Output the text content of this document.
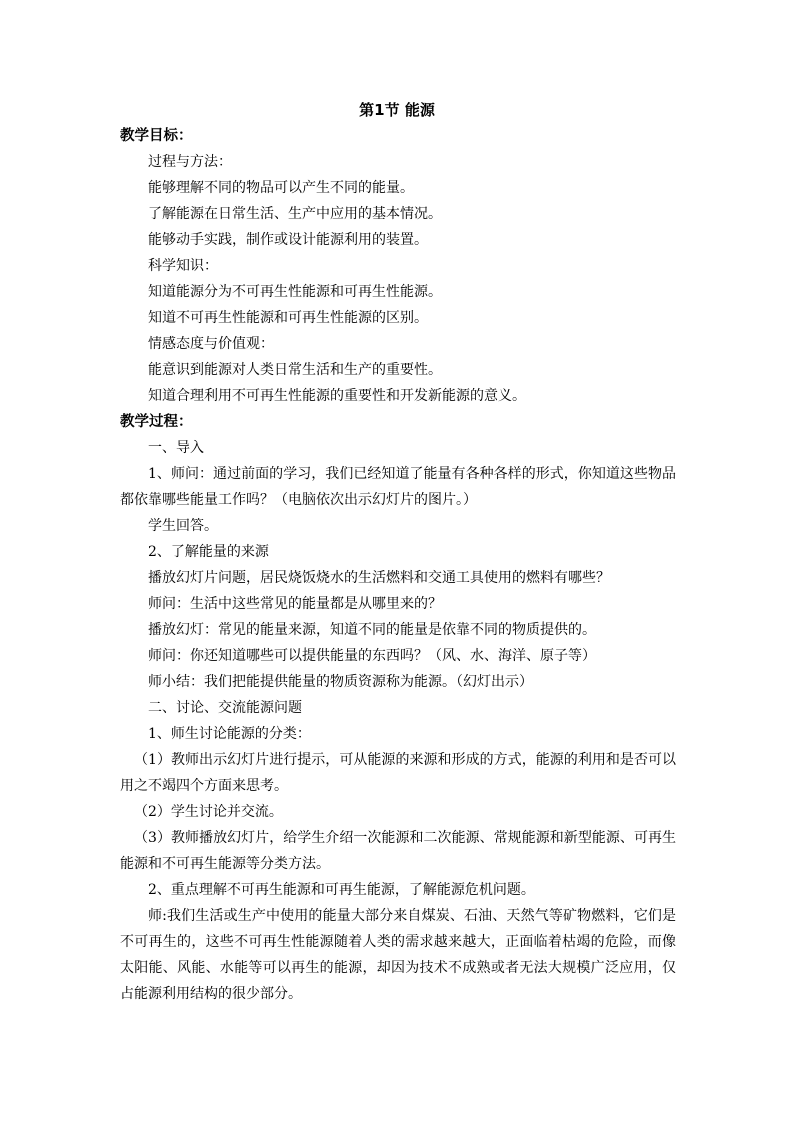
第1节 能源

教学目标：

过程与方法：

能够理解不同的物品可以产生不同的能量。

了解能源在日常生活、生产中应用的基本情况。

能够动手实践，制作或设计能源利用的装置。

科学知识：

知道能源分为不可再生性能源和可再生性能源。

知道不可再生性能源和可再生性能源的区别。

情感态度与价值观：

能意识到能源对人类日常生活和生产的重要性。

知道合理利用不可再生性能源的重要性和开发新能源的意义。

教学过程：

一、导入

1、师问：通过前面的学习，我们已经知道了能量有各种各样的形式，你知道这些物品都依靠哪些能量工作吗？（电脑依次出示幻灯片的图片。）

学生回答。

2、了解能量的来源

播放幻灯片问题，居民烧饭烧水的生活燃料和交通工具使用的燃料有哪些？

师问：生活中这些常见的能量都是从哪里来的？

播放幻灯：常见的能量来源，知道不同的能量是依靠不同的物质提供的。

师问：你还知道哪些可以提供能量的东西吗？（风、水、海洋、原子等）

师小结：我们把能提供能量的物质资源称为能源。（幻灯出示）

二、讨论、交流能源问题

1、师生讨论能源的分类：

（1）教师出示幻灯片进行提示，可从能源的来源和形成的方式，能源的利用和是否可以用之不竭四个方面来思考。

（2）学生讨论并交流。

（3）教师播放幻灯片，给学生介绍一次能源和二次能源、常规能源和新型能源、可再生能源和不可再生能源等分类方法。

2、重点理解不可再生能源和可再生能源，了解能源危机问题。

师:我们生活或生产中使用的能量大部分来自煤炭、石油、天然气等矿物燃料，它们是不可再生的，这些不可再生性能源随着人类的需求越来越大，正面临着枯竭的危险，而像太阳能、风能、水能等可以再生的能源，却因为技术不成熟或者无法大规模广泛应用，仅占能源利用结构的很少部分。
